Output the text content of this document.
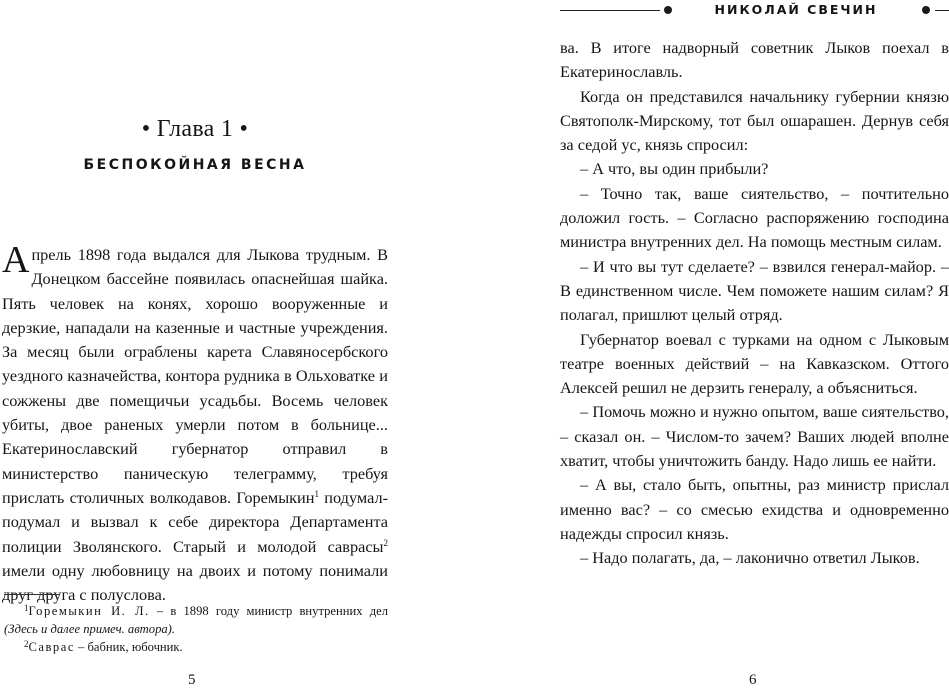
• Глава 1 •
БЕСПОКОЙНАЯ ВЕСНА

Апрель 1898 года выдался для Лыкова трудным. В Донецком бассейне появилась опаснейшая шайка. Пять человек на конях, хорошо вооруженные и дерзкие, нападали на казенные и частные учреждения. За месяц были ограблены карета Славяносербского уездного казначейства, контора рудника в Ольховатке и сожжены две помещичьи усадьбы. Восемь человек убиты, двое раненых умерли потом в больнице... Екатеринославский губернатор отправил в министерство паническую телеграмму, требуя прислать столичных волкодавов. Горемыкин$^1$ подумал-подумал и вызвал к себе директора Департамента полиции Зволянского. Старый и молодой саврасы$^2$ имели одну любовницу на двоих и потому понимали друг друга с полуслова.

$^1$Горемыкин И. Л. – в 1898 году министр внутренних дел (Здесь и далее примеч. автора).

$^2$Саврас – бабник, юбочник.

5
НИКОЛАЙ СВЕЧИН

ва. В итоге надворный советник Лыков поехал в Екатеринославль.

Когда он представился начальнику губернии князю Святополк-Мирскому, тот был ошарашен. Дернув себя за седой ус, князь спросил:

– А что, вы один прибыли?

– Точно так, ваше сиятельство, – почтительно доложил гость. – Согласно распоряжению господина министра внутренних дел. На помощь местным силам.

– И что вы тут сделаете? – взвился генерал-майор. – В единственном числе. Чем поможете нашим силам? Я полагал, пришлют целый отряд.

Губернатор воевал с турками на одном с Лыковым театре военных действий – на Кавказском. Оттого Алексей решил не дерзить генералу, а объясниться.

– Помочь можно и нужно опытом, ваше сиятельство, – сказал он. – Числом-то зачем? Ваших людей вполне хватит, чтобы уничтожить банду. Надо лишь ее найти.

– А вы, стало быть, опытны, раз министр прислал именно вас? – со смесью ехидства и одновременно надежды спросил князь.

– Надо полагать, да, – лаконично ответил Лыков.

6
